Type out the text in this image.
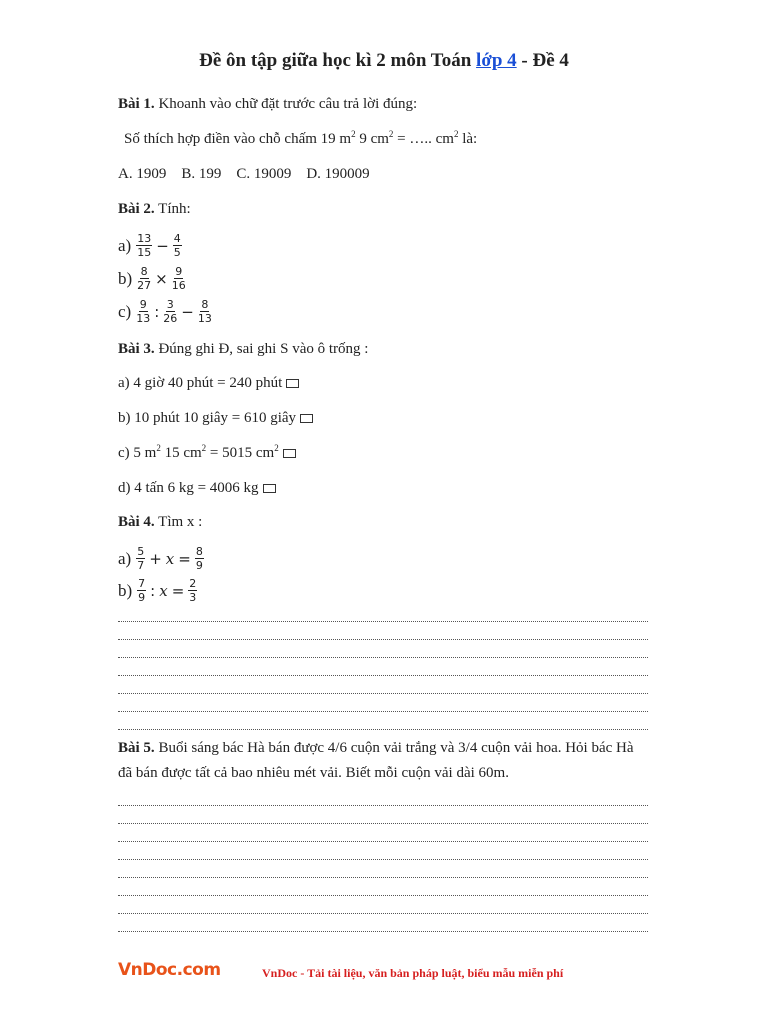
Đề ôn tập giữa học kì 2 môn Toán lớp 4 - Đề 4
Bài 1. Khoanh vào chữ đặt trước câu trả lời đúng:
Số thích hợp điền vào chỗ chấm 19 $m^2$ 9 $cm^2$ = ….. $cm^2$ là:
A. 1909    B. 199    C. 19009    D. 190009
Bài 2. Tính:
$a) \frac{13}{15} - \frac{4}{5}$
$b) \frac{8}{27} \times \frac{9}{16}$
$c) \frac{9}{13}$ : $\frac{3}{26} - \frac{8}{13}$
Bài 3. Đúng ghi Đ, sai ghi S vào ô trống :
a) 4 giờ 40 phút = 240 phút
b) 10 phút 10 giây = 610 giây
c) 5 $m^2$ 15 $cm^2 = 5015$ $cm^2$
d) 4 tấn 6 kg = 4006 kg
Bài 4. Tìm x :
$a) \frac{5}{7} + x = \frac{8}{9}$
$b) \frac{7}{9}$ : $x = \frac{2}{3}$
Bài 5. Buổi sáng bác Hà bán được 4/6 cuộn vải trắng và 3/4 cuộn vải hoa. Hỏi bác Hà đã bán được tất cả bao nhiêu mét vải. Biết mỗi cuộn vải dài 60m.
VnDoc.com	VnDoc - Tải tài liệu, văn bản pháp luật, biểu mẫu miễn phí
